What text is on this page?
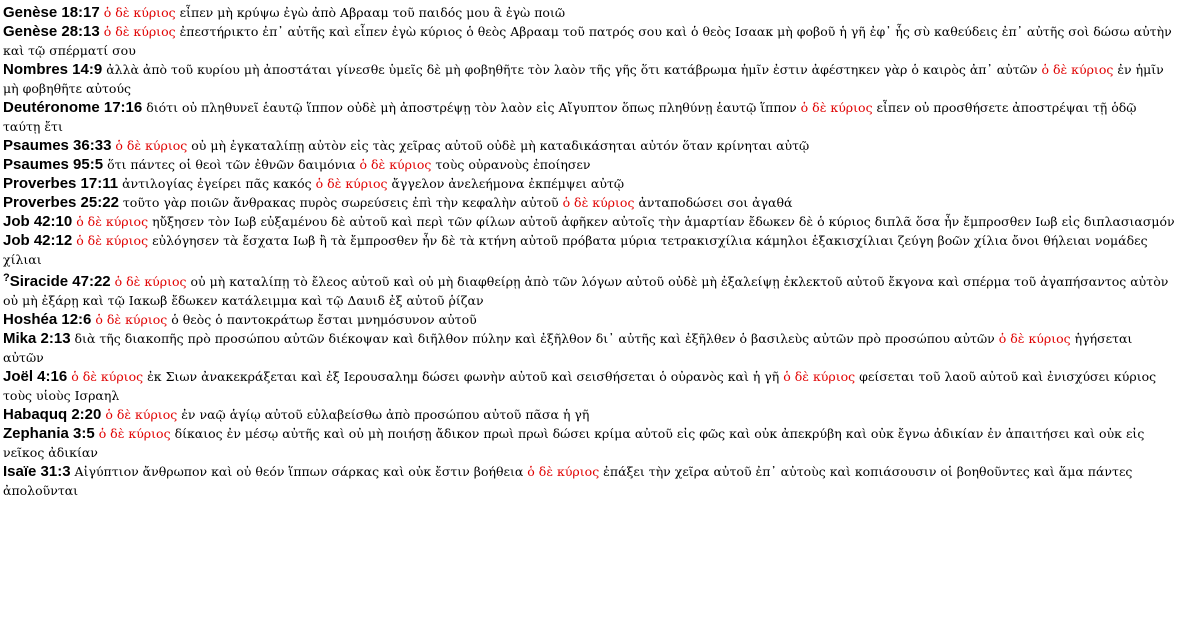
Genèse 18:17 ὁ δὲ κύριος εἶπεν μὴ κρύψω ἐγὼ ἀπὸ Αβρααμ τοῦ παιδός μου ἃ ἐγὼ ποιῶ
Genèse 28:13 ὁ δὲ κύριος ἐπεστήρικτο ἐπ᾽ αὐτῆς καὶ εἶπεν ἐγὼ κύριος ὁ θεὸς Αβρααμ τοῦ πατρός σου καὶ ὁ θεὸς Ισαακ μὴ φοβοῦ ἡ γῆ ἐφ᾽ ἧς σὺ καθεύδεις ἐπ᾽ αὐτῆς σοὶ δώσω αὐτὴν καὶ τῷ σπέρματί σου
Nombres 14:9 ἀλλὰ ἀπὸ τοῦ κυρίου μὴ ἀποστάται γίνεσθε ὑμεῖς δὲ μὴ φοβηθῆτε τὸν λαὸν τῆς γῆς ὅτι κατάβρωμα ἡμῖν ἐστιν ἀφέστηκεν γὰρ ὁ καιρὸς ἀπ᾽ αὐτῶν ὁ δὲ κύριος ἐν ἡμῖν μὴ φοβηθῆτε αὐτούς
Deutéronome 17:16 διότι οὐ πληθυνεῖ ἑαυτῷ ἵππον οὐδὲ μὴ ἀποστρέψῃ τὸν λαὸν εἰς Αἴγυπτον ὅπως πληθύνῃ ἑαυτῷ ἵππον ὁ δὲ κύριος εἶπεν οὐ προσθήσετε ἀποστρέψαι τῇ ὁδῷ ταύτῃ ἔτι
Psaumes 36:33 ὁ δὲ κύριος οὐ μὴ ἐγκαταλίπῃ αὐτὸν εἰς τὰς χεῖρας αὐτοῦ οὐδὲ μὴ καταδικάσηται αὐτόν ὅταν κρίνηται αὐτῷ
Psaumes 95:5 ὅτι πάντες οἱ θεοὶ τῶν ἐθνῶν δαιμόνια ὁ δὲ κύριος τοὺς οὐρανοὺς ἐποίησεν
Proverbes 17:11 ἀντιλογίας ἐγείρει πᾶς κακός ὁ δὲ κύριος ἄγγελον ἀνελεήμονα ἐκπέμψει αὐτῷ
Proverbes 25:22 τοῦτο γὰρ ποιῶν ἄνθρακας πυρὸς σωρεύσεις ἐπὶ τὴν κεφαλὴν αὐτοῦ ὁ δὲ κύριος ἀνταποδώσει σοι ἀγαθά
Job 42:10 ὁ δὲ κύριος ηὔξησεν τὸν Ιωβ εὐξαμένου δὲ αὐτοῦ καὶ περὶ τῶν φίλων αὐτοῦ ἀφῆκεν αὐτοῖς τὴν ἁμαρτίαν ἔδωκεν δὲ ὁ κύριος διπλᾶ ὅσα ἦν ἔμπροσθεν Ιωβ εἰς διπλασιασμόν
Job 42:12 ὁ δὲ κύριος εὐλόγησεν τὰ ἔσχατα Ιωβ ἢ τὰ ἔμπροσθεν ἦν δὲ τὰ κτήνη αὐτοῦ πρόβατα μύρια τετρακισχίλια κάμηλοι ἑξακισχίλιαι ζεύγη βοῶν χίλια ὄνοι θήλειαι νομάδες χίλιαι
?Siracide 47:22 ὁ δὲ κύριος οὐ μὴ καταλίπῃ τὸ ἔλεος αὐτοῦ καὶ οὐ μὴ διαφθείρῃ ἀπὸ τῶν λόγων αὐτοῦ οὐδὲ μὴ ἐξαλείψῃ ἐκλεκτοῦ αὐτοῦ ἔκγονα καὶ σπέρμα τοῦ ἀγαπήσαντος αὐτὸν οὐ μὴ ἐξάρῃ καὶ τῷ Ιακωβ ἔδωκεν κατάλειμμα καὶ τῷ Δαυιδ ἐξ αὐτοῦ ῥίζαν
Hoshéa 12:6 ὁ δὲ κύριος ὁ θεὸς ὁ παντοκράτωρ ἔσται μνημόσυνον αὐτοῦ
Mika 2:13 διὰ τῆς διακοπῆς πρὸ προσώπου αὐτῶν διέκοψαν καὶ διῆλθον πύλην καὶ ἐξῆλθον δι᾽ αὐτῆς καὶ ἐξῆλθεν ὁ βασιλεὺς αὐτῶν πρὸ προσώπου αὐτῶν ὁ δὲ κύριος ἡγήσεται αὐτῶν
Joël 4:16 ὁ δὲ κύριος ἐκ Σιων ἀνακεκράξεται καὶ ἐξ Ιερουσαλημ δώσει φωνὴν αὐτοῦ καὶ σεισθήσεται ὁ οὐρανὸς καὶ ἡ γῆ ὁ δὲ κύριος φείσεται τοῦ λαοῦ αὐτοῦ καὶ ἐνισχύσει κύριος τοὺς υἱοὺς Ισραηλ
Habaquq 2:20 ὁ δὲ κύριος ἐν ναῷ ἁγίῳ αὐτοῦ εὐλαβείσθω ἀπὸ προσώπου αὐτοῦ πᾶσα ἡ γῆ
Zephania 3:5 ὁ δὲ κύριος δίκαιος ἐν μέσῳ αὐτῆς καὶ οὐ μὴ ποιήσῃ ἄδικον πρωὶ πρωὶ δώσει κρίμα αὐτοῦ εἰς φῶς καὶ οὐκ ἀπεκρύβη καὶ οὐκ ἔγνω ἀδικίαν ἐν ἀπαιτήσει καὶ οὐκ εἰς νεῖκος ἀδικίαν
Isaïe 31:3 Αἰγύπτιον ἄνθρωπον καὶ οὐ θεόν ἵππων σάρκας καὶ οὐκ ἔστιν βοήθεια ὁ δὲ κύριος ἐπάξει τὴν χεῖρα αὐτοῦ ἐπ᾽ αὐτοὺς καὶ κοπιάσουσιν οἱ βοηθοῦντες καὶ ἅμα πάντες ἀπολοῦνται
